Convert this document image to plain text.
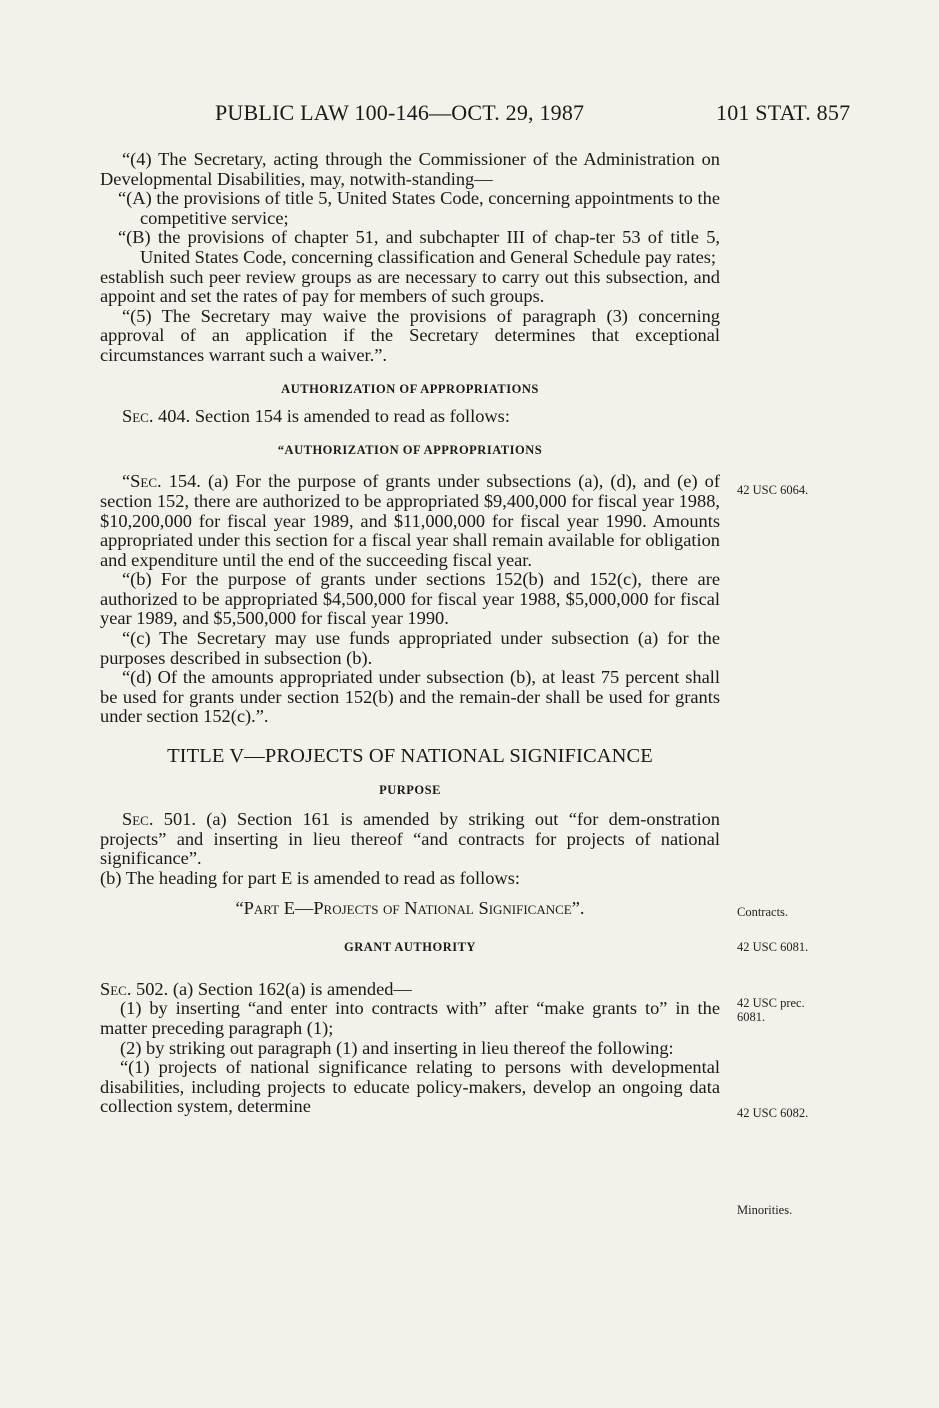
PUBLIC LAW 100-146—OCT. 29, 1987	101 STAT. 857

“(4) The Secretary, acting through the Commissioner of the Administration on Developmental Disabilities, may, notwith-standing—

“(A) the provisions of title 5, United States Code, concerning appointments to the competitive service;

“(B) the provisions of chapter 51, and subchapter III of chap-ter 53 of title 5, United States Code, concerning classification and General Schedule pay rates;

establish such peer review groups as are necessary to carry out this subsection, and appoint and set the rates of pay for members of such groups.

“(5) The Secretary may waive the provisions of paragraph (3) concerning approval of an application if the Secretary determines that exceptional circumstances warrant such a waiver.”.

AUTHORIZATION OF APPROPRIATIONS

Sec. 404. Section 154 is amended to read as follows:

“AUTHORIZATION OF APPROPRIATIONS

“Sec. 154. (a) For the purpose of grants under subsections (a), (d), and (e) of section 152, there are authorized to be appropriated $9,400,000 for fiscal year 1988, $10,200,000 for fiscal year 1989, and $11,000,000 for fiscal year 1990. Amounts appropriated under this section for a fiscal year shall remain available for obligation and expenditure until the end of the succeeding fiscal year.

“(b) For the purpose of grants under sections 152(b) and 152(c), there are authorized to be appropriated $4,500,000 for fiscal year 1988, $5,000,000 for fiscal year 1989, and $5,500,000 for fiscal year 1990.

“(c) The Secretary may use funds appropriated under subsection (a) for the purposes described in subsection (b).

“(d) Of the amounts appropriated under subsection (b), at least 75 percent shall be used for grants under section 152(b) and the remain-der shall be used for grants under section 152(c).”.

TITLE V—PROJECTS OF NATIONAL SIGNIFICANCE
PURPOSE

Sec. 501. (a) Section 161 is amended by striking out “for dem-onstration projects” and inserting in lieu thereof “and contracts for projects of national significance”.

(b) The heading for part E is amended to read as follows:

“Part E—Projects of National Significance”.

GRANT AUTHORITY

Sec. 502. (a) Section 162(a) is amended—

(1) by inserting “and enter into contracts with” after “make grants to” in the matter preceding paragraph (1);

(2) by striking out paragraph (1) and inserting in lieu thereof the following:

“(1) projects of national significance relating to persons with developmental disabilities, including projects to educate policy-makers, develop an ongoing data collection system, determine

42 USC 6064.
Contracts.
42 USC 6081.
42 USC prec. 6081.
42 USC 6082.
Minorities.
